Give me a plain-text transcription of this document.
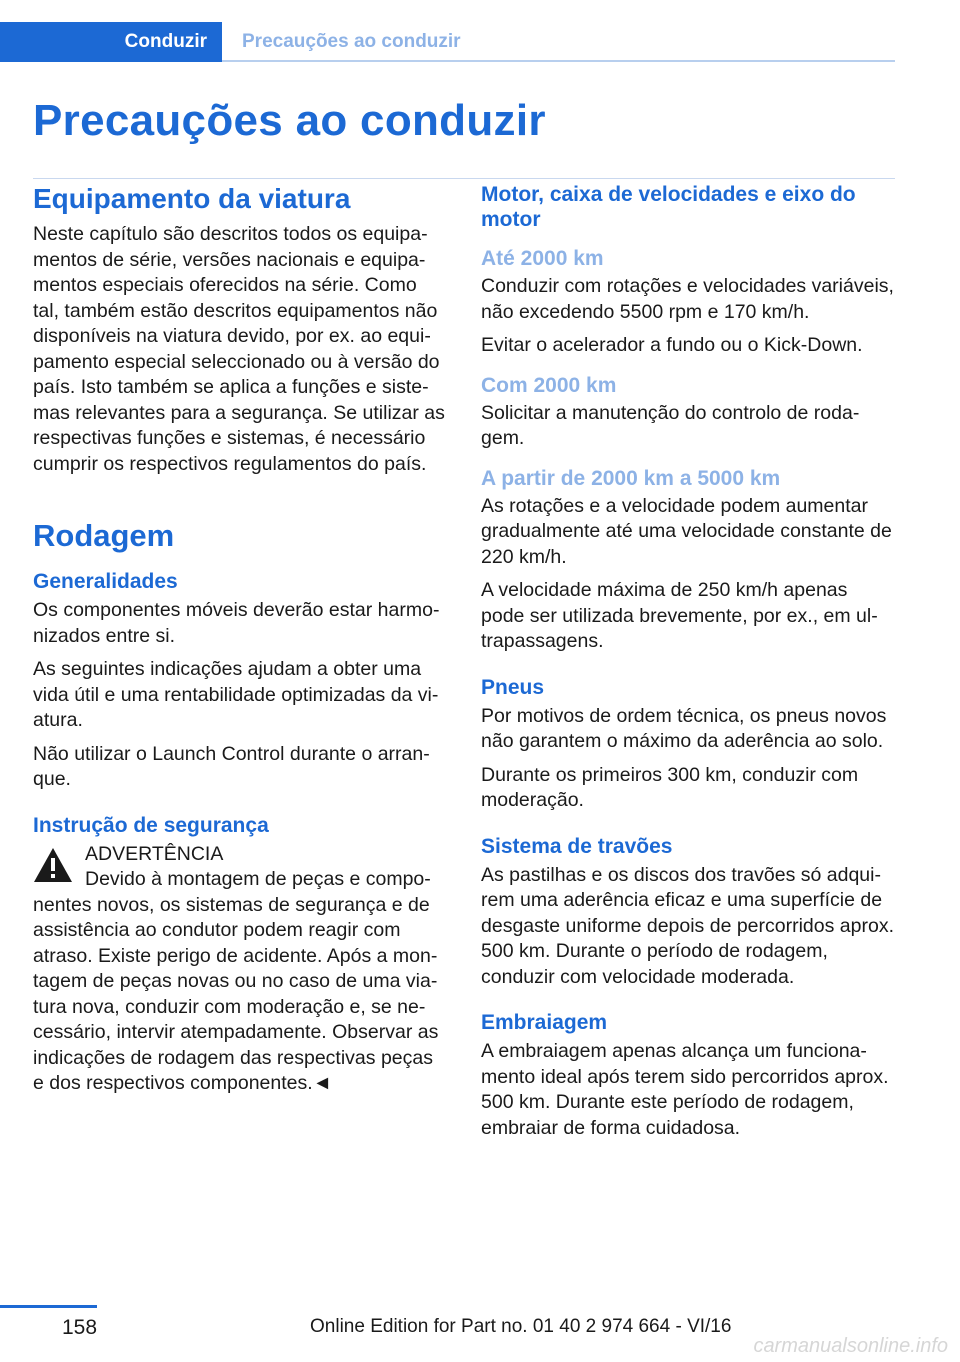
Conduzir	Precauções ao conduzir
Precauções ao conduzir
Equipamento da viatura

Neste capítulo são descritos todos os equipamentos de série, versões nacionais e equipamentos especiais oferecidos na série. Como tal, também estão descritos equipamentos não disponíveis na viatura devido, por ex. ao equipamento especial seleccionado ou à versão do país. Isto também se aplica a funções e sistemas relevantes para a segurança. Se utilizar as respectivas funções e sistemas, é necessário cumprir os respectivos regulamentos do país.

Rodagem
Generalidades

Os componentes móveis deverão estar harmonizados entre si.

As seguintes indicações ajudam a obter uma vida útil e uma rentabilidade optimizadas da viatura.

Não utilizar o Launch Control durante o arranque.

Instrução de segurança
ADVERTÊNCIA

Devido à montagem de peças e componentes novos, os sistemas de segurança e de assistência ao condutor podem reagir com atraso. Existe perigo de acidente. Após a montagem de peças novas ou no caso de uma viatura nova, conduzir com moderação e, se necessário, intervir atempadamente. Observar as indicações de rodagem das respectivas peças e dos respectivos componentes.◄

Motor, caixa de velocidades e eixo do motor
Até 2000 km

Conduzir com rotações e velocidades variáveis, não excedendo 5500 rpm e 170 km/h.

Evitar o acelerador a fundo ou o Kick-Down.

Com 2000 km

Solicitar a manutenção do controlo de rodagem.

A partir de 2000 km a 5000 km

As rotações e a velocidade podem aumentar gradualmente até uma velocidade constante de 220 km/h.

A velocidade máxima de 250 km/h apenas pode ser utilizada brevemente, por ex., em ultrapassagens.

Pneus

Por motivos de ordem técnica, os pneus novos não garantem o máximo da aderência ao solo.

Durante os primeiros 300 km, conduzir com moderação.

Sistema de travões

As pastilhas e os discos dos travões só adquirem uma aderência eficaz e uma superfície de desgaste uniforme depois de percorridos aprox. 500 km. Durante o período de rodagem, conduzir com velocidade moderada.

Embraiagem

A embraiagem apenas alcança um funcionamento ideal após terem sido percorridos aprox. 500 km. Durante este período de rodagem, embraiar de forma cuidadosa.

158	Online Edition for Part no. 01 40 2 974 664 - VI/16
carmanualsonline.info
